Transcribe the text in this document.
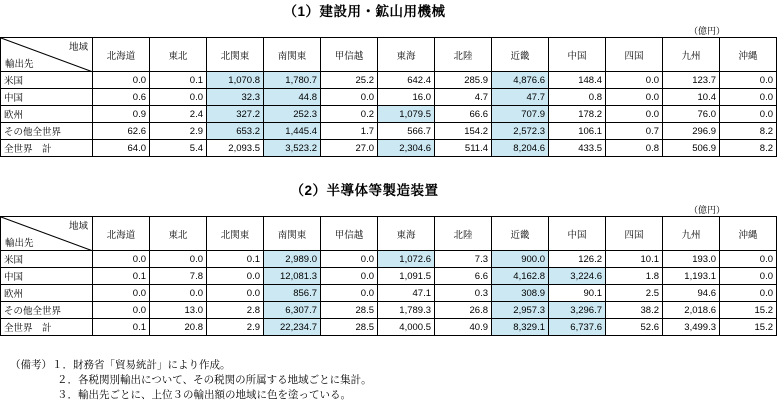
（1）建設用・鉱山用機械
（億円）
地域
輸出先	北海道	東北	北関東	南関東	甲信越	東海	北陸	近畿	中国	四国	九州	沖縄
米国	0.0	0.1	1,070.8	1,780.7	25.2	642.4	285.9	4,876.6	148.4	0.0	123.7	0.0
中国	0.6	0.0	32.3	44.8	0.0	16.0	4.7	47.7	0.8	0.0	10.4	0.0
欧州	0.9	2.4	327.2	252.3	0.2	1,079.5	66.6	707.9	178.2	0.0	76.0	0.0
その他全世界	62.6	2.9	653.2	1,445.4	1.7	566.7	154.2	2,572.3	106.1	0.7	296.9	8.2
全世界　計	64.0	5.4	2,093.5	3,523.2	27.0	2,304.6	511.4	8,204.6	433.5	0.8	506.9	8.2
（2）半導体等製造装置
（億円）
地域
輸出先	北海道	東北	北関東	南関東	甲信越	東海	北陸	近畿	中国	四国	九州	沖縄
米国	0.0	0.0	0.1	2,989.0	0.0	1,072.6	7.3	900.0	126.2	10.1	193.0	0.0
中国	0.1	7.8	0.0	12,081.3	0.0	1,091.5	6.6	4,162.8	3,224.6	1.8	1,193.1	0.0
欧州	0.0	0.0	0.0	856.7	0.0	47.1	0.3	308.9	90.1	2.5	94.6	0.0
その他全世界	0.0	13.0	2.8	6,307.7	28.5	1,789.3	26.8	2,957.3	3,296.7	38.2	2,018.6	15.2
全世界　計	0.1	20.8	2.9	22,234.7	28.5	4,000.5	40.9	8,329.1	6,737.6	52.6	3,499.3	15.2
（備考）１．財務省「貿易統計」により作成。
２．各税関別輸出について、その税関の所属する地域ごとに集計。
３．輸出先ごとに、上位３の輸出額の地域に色を塗っている。
